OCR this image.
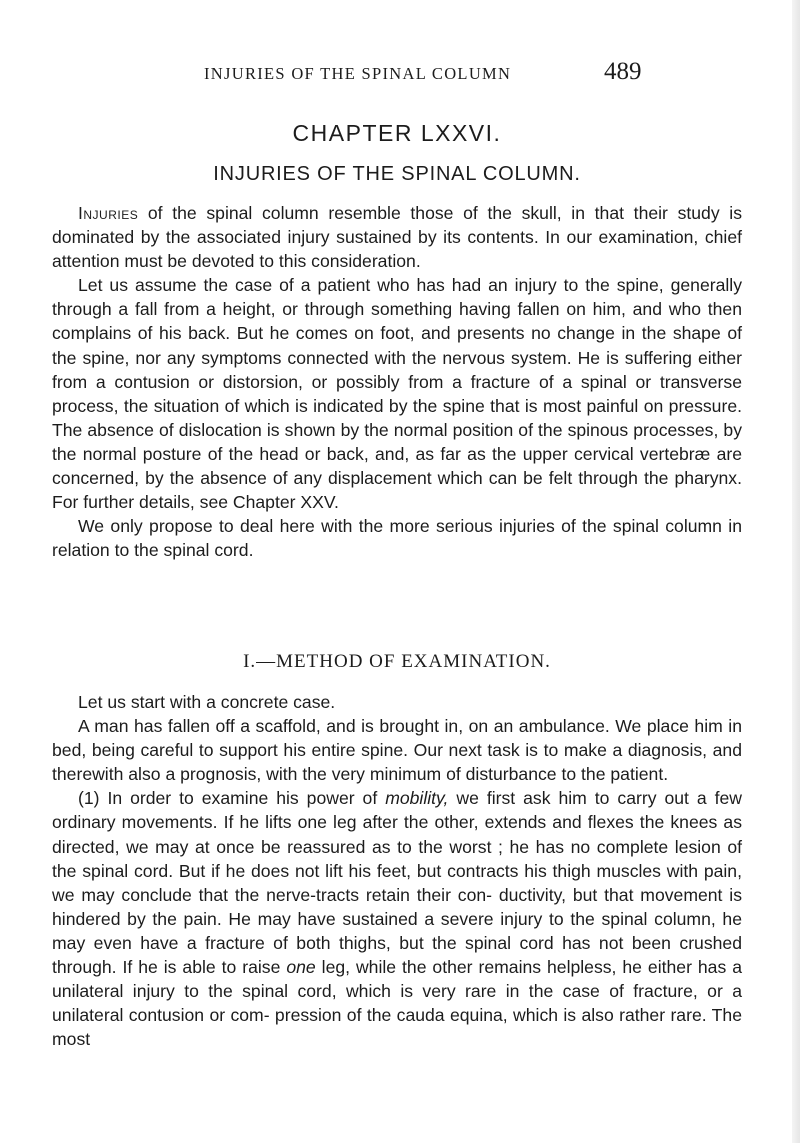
INJURIES OF THE SPINAL COLUMN	489
CHAPTER LXXVI.
INJURIES OF THE SPINAL COLUMN.

Injuries of the spinal column resemble those of the skull, in that their study is dominated by the associated injury sustained by its contents. In our examination, chief attention must be devoted to this consideration.

Let us assume the case of a patient who has had an injury to the spine, generally through a fall from a height, or through something having fallen on him, and who then complains of his back. But he comes on foot, and presents no change in the shape of the spine, nor any symptoms connected with the nervous system. He is suffering either from a contusion or distorsion, or possibly from a fracture of a spinal or transverse process, the situation of which is indicated by the spine that is most painful on pressure. The absence of dislocation is shown by the normal position of the spinous processes, by the normal posture of the head or back, and, as far as the upper cervical vertebræ are concerned, by the absence of any displacement which can be felt through the pharynx. For further details, see Chapter XXV.

We only propose to deal here with the more serious injuries of the spinal column in relation to the spinal cord.

I.—METHOD OF EXAMINATION.

Let us start with a concrete case.

A man has fallen off a scaffold, and is brought in, on an ambulance. We place him in bed, being careful to support his entire spine. Our next task is to make a diagnosis, and therewith also a prognosis, with the very minimum of disturbance to the patient.

(1) In order to examine his power of mobility, we first ask him to carry out a few ordinary movements. If he lifts one leg after the other, extends and flexes the knees as directed, we may at once be reassured as to the worst ; he has no complete lesion of the spinal cord. But if he does not lift his feet, but contracts his thigh muscles with pain, we may conclude that the nerve-tracts retain their con- ductivity, but that movement is hindered by the pain. He may have sustained a severe injury to the spinal column, he may even have a fracture of both thighs, but the spinal cord has not been crushed through. If he is able to raise one leg, while the other remains helpless, he either has a unilateral injury to the spinal cord, which is very rare in the case of fracture, or a unilateral contusion or com- pression of the cauda equina, which is also rather rare. The most
